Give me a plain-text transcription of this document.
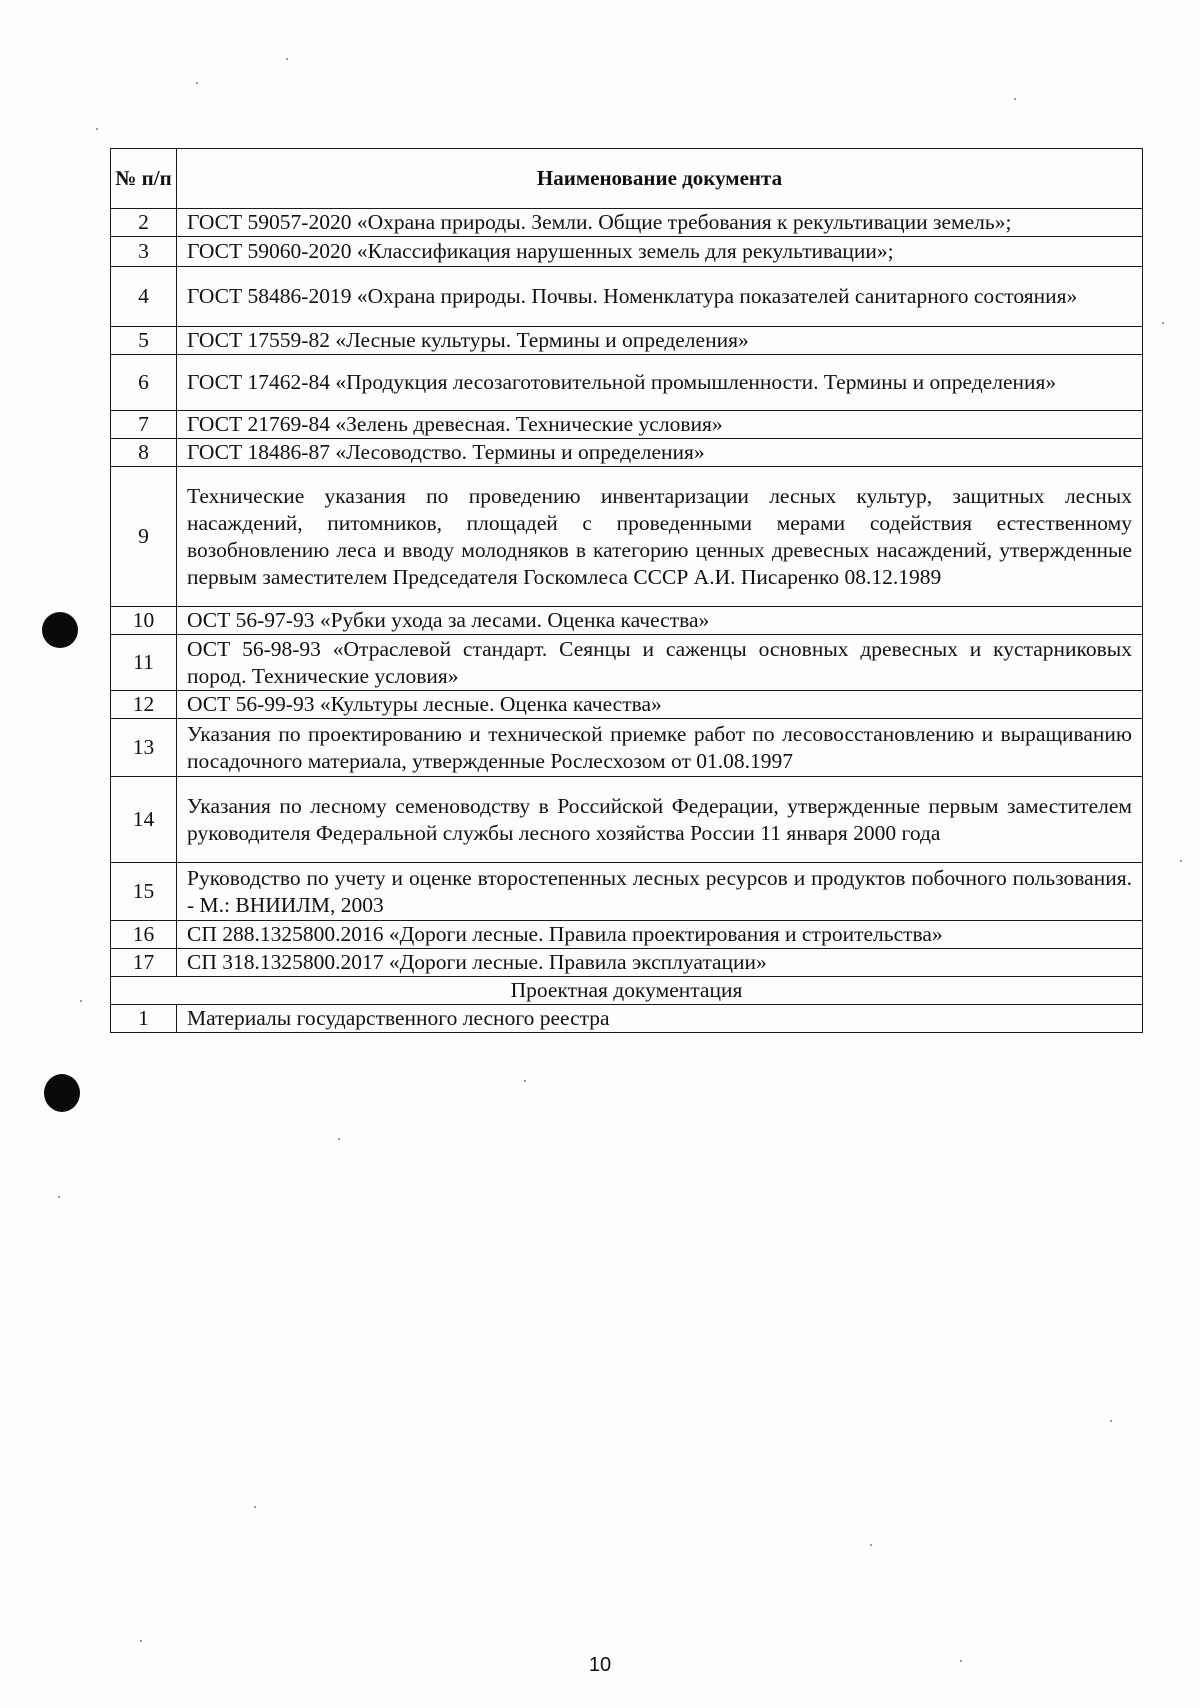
№ п/п	Наименование документа
2	ГОСТ 59057-2020 «Охрана природы. Земли. Общие требования к рекультивации земель»;
3	ГОСТ 59060-2020 «Классификация нарушенных земель для рекультивации»;
4	ГОСТ 58486-2019 «Охрана природы. Почвы. Номенклатура показателей санитарного состояния»
5	ГОСТ 17559-82 «Лесные культуры. Термины и определения»
6	ГОСТ 17462-84 «Продукция лесозаготовительной промышленности. Термины и определения»
7	ГОСТ 21769-84 «Зелень древесная. Технические условия»
8	ГОСТ 18486-87 «Лесоводство. Термины и определения»
9	Технические указания по проведению инвентаризации лесных культур, защитных лесных насаждений, питомников, площадей с проведенными мерами содействия естественному возобновлению леса и вводу молодняков в категорию ценных древесных насаждений, утвержденные первым заместителем Председателя Госкомлеса СССР А.И. Писаренко 08.12.1989
10	ОСТ 56-97-93 «Рубки ухода за лесами. Оценка качества»
11	ОСТ 56-98-93 «Отраслевой стандарт. Сеянцы и саженцы основных древесных и кустарниковых пород. Технические условия»
12	ОСТ 56-99-93 «Культуры лесные. Оценка качества»
13	Указания по проектированию и технической приемке работ по лесовосстановлению и выращиванию посадочного материала, утвержденные Рослесхозом от 01.08.1997
14	Указания по лесному семеноводству в Российской Федерации, утвержденные первым заместителем руководителя Федеральной службы лесного хозяйства России 11 января 2000 года
15	Руководство по учету и оценке второстепенных лесных ресурсов и продуктов побочного пользования. - М.: ВНИИЛМ, 2003
16	СП 288.1325800.2016 «Дороги лесные. Правила проектирования и строительства»
17	СП 318.1325800.2017 «Дороги лесные. Правила эксплуатации»
Проектная документация	
1	Материалы государственного лесного реестра
10
